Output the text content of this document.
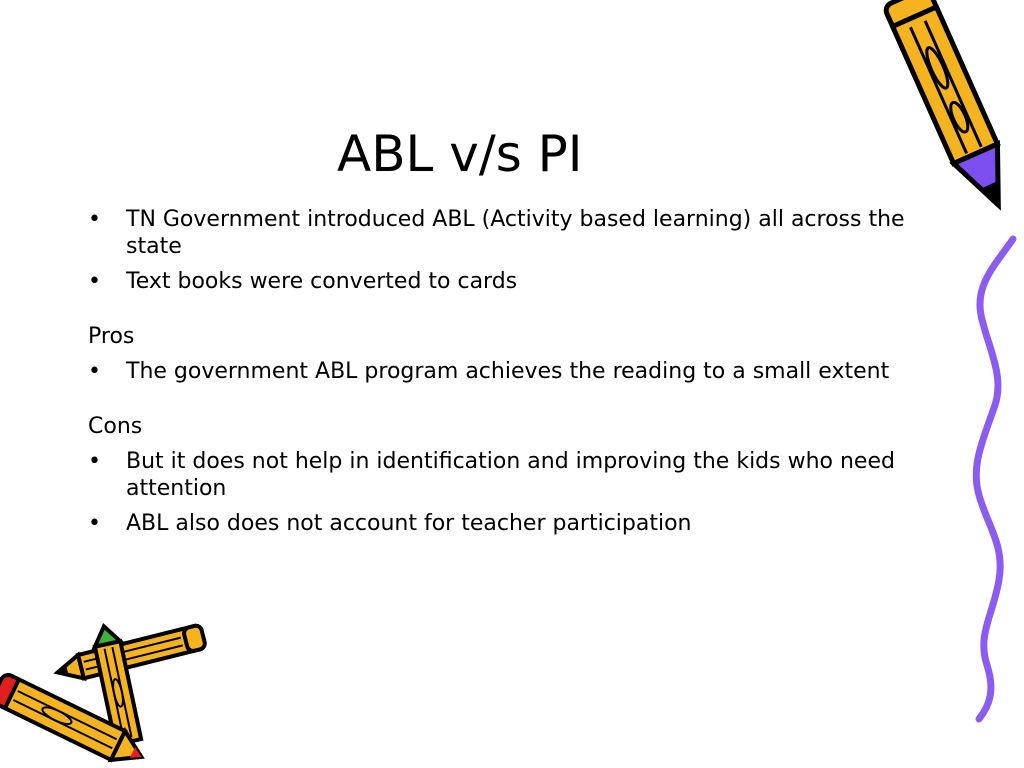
ABL v/s PI
• TN Government introduced ABL (Activity based learning) all across the state
• Text books were converted to cards
Pros
• The government ABL program achieves the reading to a small extent
Cons
• But it does not help in identification and improving the kids who need attention
• ABL also does not account for teacher participation
